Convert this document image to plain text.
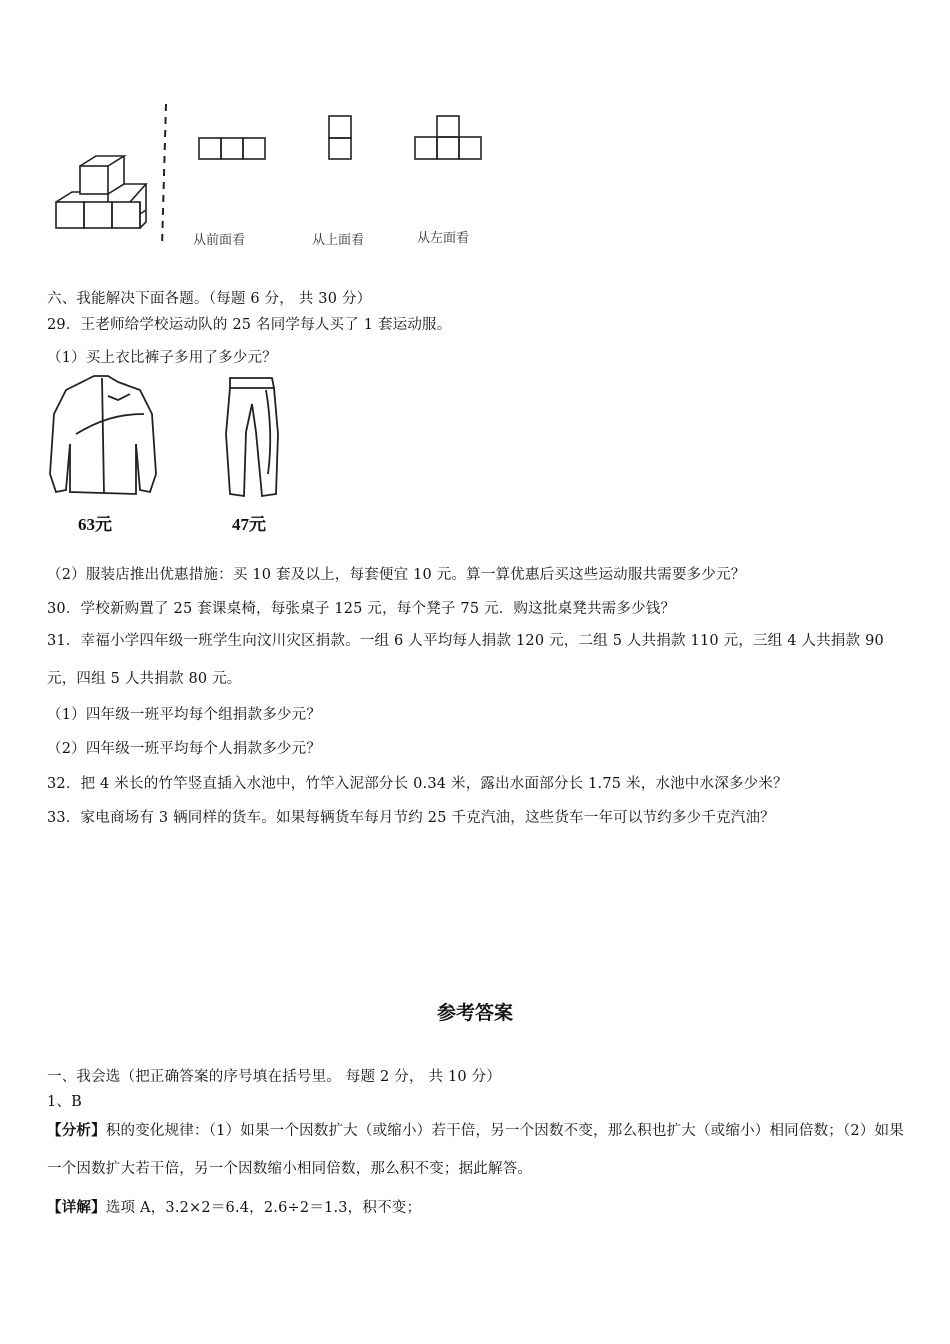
从前面看	从上面看	从左面看
六、我能解决下面各题。（每题 6 分， 共 30 分）
29．王老师给学校运动队的 25 名同学每人买了 1 套运动服。
（1）买上衣比裤子多用了多少元？
63元	47元
（2）服装店推出优惠措施：买 10 套及以上，每套便宜 10 元。算一算优惠后买这些运动服共需要多少元？
30．学校新购置了 25 套课桌椅，每张桌子 125 元，每个凳子 75 元．购这批桌凳共需多少钱？
31．幸福小学四年级一班学生向汶川灾区捐款。一组 6 人平均每人捐款 120 元，二组 5 人共捐款 110 元，三组 4 人共捐款 90 元，四组 5 人共捐款 80 元。
（1）四年级一班平均每个组捐款多少元？
（2）四年级一班平均每个人捐款多少元？
32．把 4 米长的竹竿竖直插入水池中，竹竿入泥部分长 0.34 米，露出水面部分长 1.75 米，水池中水深多少米？
33．家电商场有 3 辆同样的货车。如果每辆货车每月节约 25 千克汽油，这些货车一年可以节约多少千克汽油？
参考答案
一、我会选（把正确答案的序号填在括号里。 每题 2 分， 共 10 分）
1、B
【分析】积的变化规律：（1）如果一个因数扩大（或缩小）若干倍，另一个因数不变，那么积也扩大（或缩小）相同倍数；（2）如果一个因数扩大若干倍，另一个因数缩小相同倍数，那么积不变；据此解答。
【详解】选项 A，3.2×2＝6.4，2.6÷2＝1.3，积不变；
